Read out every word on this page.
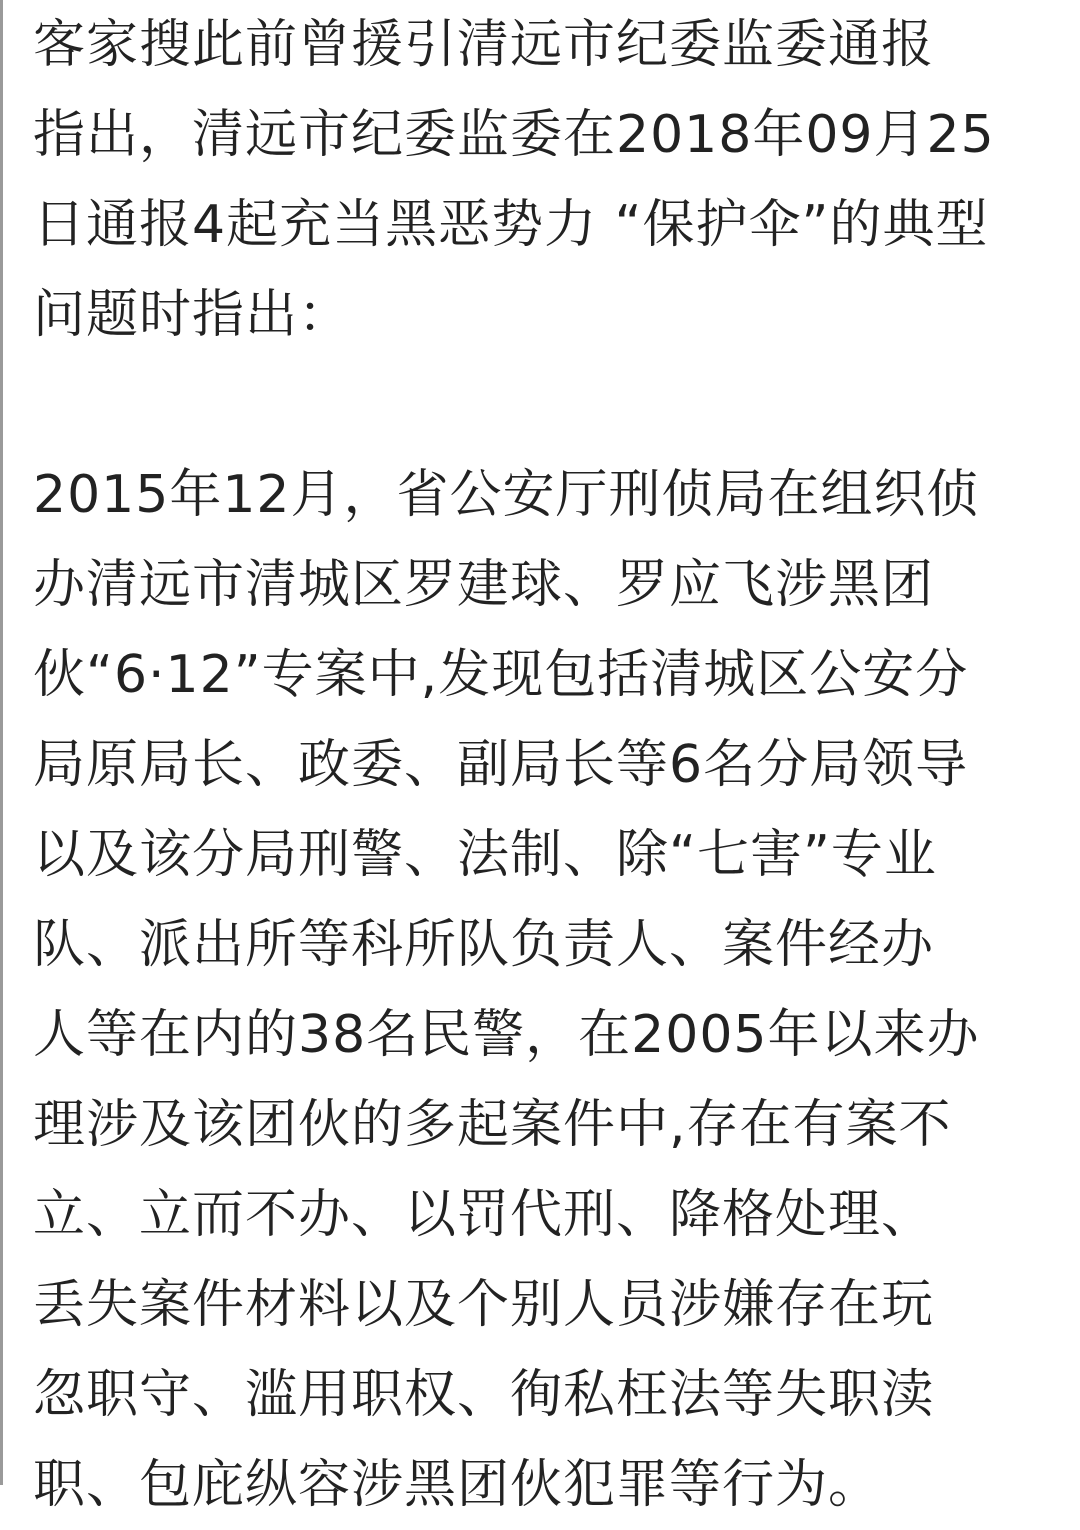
客家搜此前曾援引清远市纪委监委通报
指出，清远市纪委监委在2018年09月25
日通报4起充当黑恶势力 “保护伞”的典型
问题时指出：
2015年12月，省公安厅刑侦局在组织侦
办清远市清城区罗建球、罗应飞涉黑团
伙“6·12”专案中,发现包括清城区公安分
局原局长、政委、副局长等6名分局领导
以及该分局刑警、法制、除“七害”专业
队、派出所等科所队负责人、案件经办
人等在内的38名民警，在2005年以来办
理涉及该团伙的多起案件中,存在有案不
立、立而不办、以罚代刑、降格处理、
丢失案件材料以及个别人员涉嫌存在玩
忽职守、滥用职权、徇私枉法等失职渎
职、包庇纵容涉黑团伙犯罪等行为。
